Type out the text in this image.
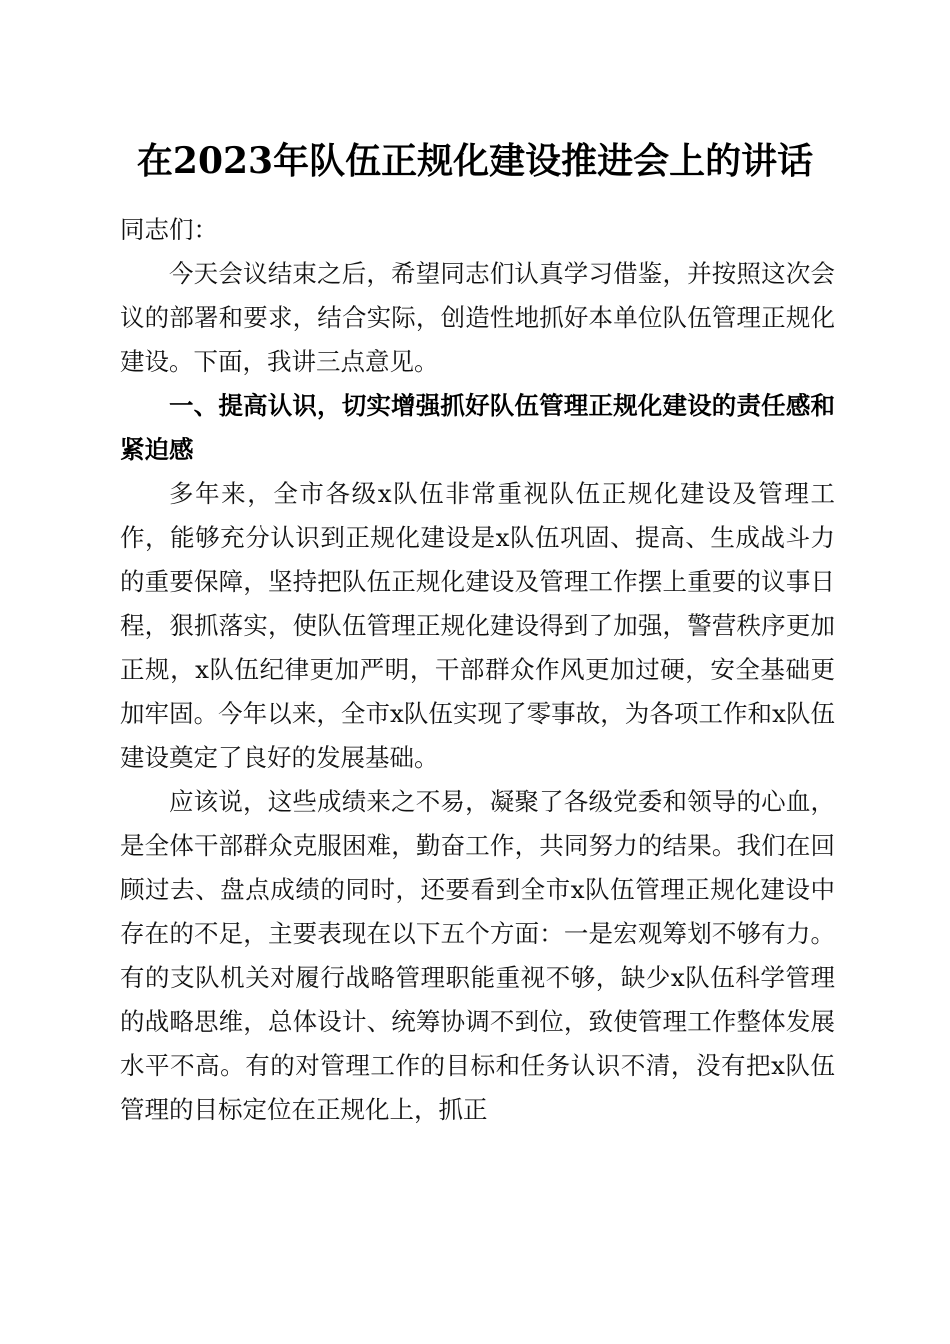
在2023年队伍正规化建设推进会上的讲话

同志们：

今天会议结束之后，希望同志们认真学习借鉴，并按照这次会议的部署和要求，结合实际，创造性地抓好本单位队伍管理正规化建设。下面，我讲三点意见。

一、提高认识，切实增强抓好队伍管理正规化建设的责任感和紧迫感

多年来，全市各级x队伍非常重视队伍正规化建设及管理工作，能够充分认识到正规化建设是x队伍巩固、提高、生成战斗力的重要保障，坚持把队伍正规化建设及管理工作摆上重要的议事日程，狠抓落实，使队伍管理正规化建设得到了加强，警营秩序更加正规，x队伍纪律更加严明，干部群众作风更加过硬，安全基础更加牢固。今年以来，全市x队伍实现了零事故，为各项工作和x队伍建设奠定了良好的发展基础。

应该说，这些成绩来之不易，凝聚了各级党委和领导的心血，是全体干部群众克服困难，勤奋工作，共同努力的结果。我们在回顾过去、盘点成绩的同时，还要看到全市x队伍管理正规化建设中存在的不足，主要表现在以下五个方面：一是宏观筹划不够有力。有的支队机关对履行战略管理职能重视不够，缺少x队伍科学管理的战略思维，总体设计、统筹协调不到位，致使管理工作整体发展水平不高。有的对管理工作的目标和任务认识不清，没有把x队伍管理的目标定位在正规化上，抓正
